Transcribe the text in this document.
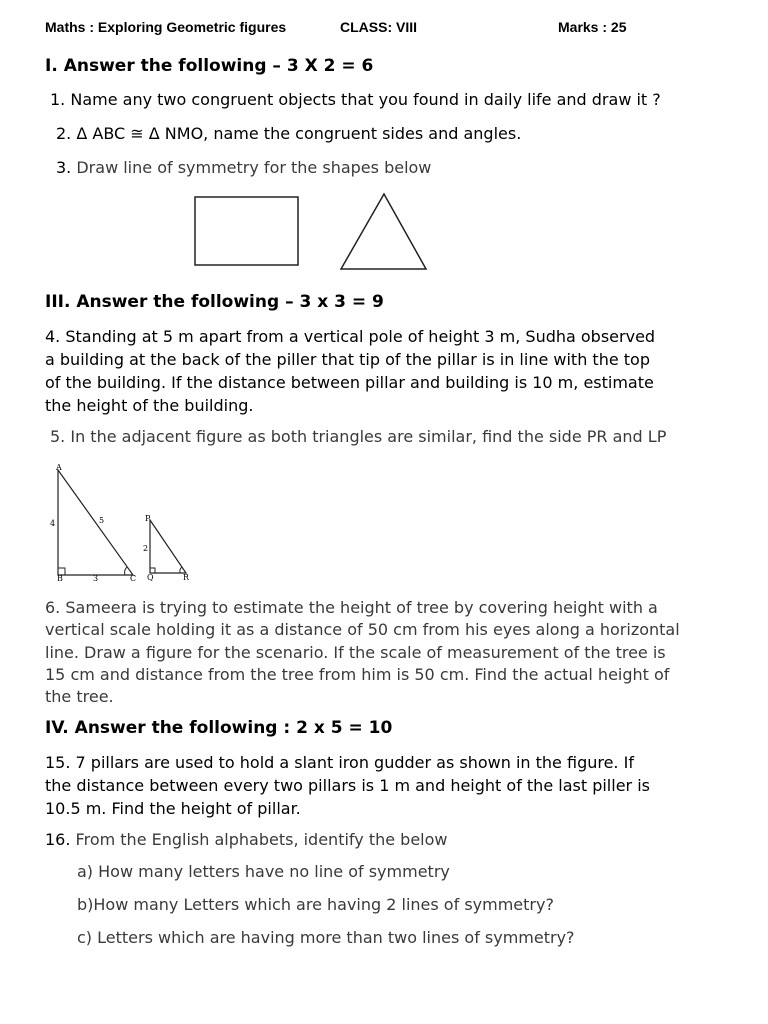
Maths : Exploring Geometric figures	CLASS: VIII	Marks : 25
I. Answer the following – 3 X 2 = 6
1. Name any two congruent objects that you found in daily life and draw it ?
2. Δ ABC ≅ Δ NMO, name the congruent sides and angles.
3. Draw line of symmetry for the shapes below
III. Answer the following – 3 x 3 = 9
4. Standing at 5 m apart from a vertical pole of height 3 m, Sudha observed
a building at the back of the piller that tip of the pillar is in line with the top
of the building. If the distance between pillar and building is 10 m, estimate
the height of the building.
5. In the adjacent figure as both triangles are similar, find the side PR and LP
A
B	C
4	5
3
P
Q	R
2
6. Sameera is trying to estimate the height of tree by covering height with a
vertical scale holding it as a distance of 50 cm from his eyes along a horizontal
line. Draw a figure for the scenario. If the scale of measurement of the tree is
15 cm and distance from the tree from him is 50 cm. Find the actual height of
the tree.
IV. Answer the following : 2 x 5 = 10
15. 7 pillars are used to hold a slant iron gudder as shown in the figure. If
the distance between every two pillars is 1 m and height of the last piller is
10.5 m. Find the height of pillar.
16. From the English alphabets, identify the below
a) How many letters have no line of symmetry
b)How many Letters which are having 2 lines of symmetry?
c) Letters which are having more than two lines of symmetry?
